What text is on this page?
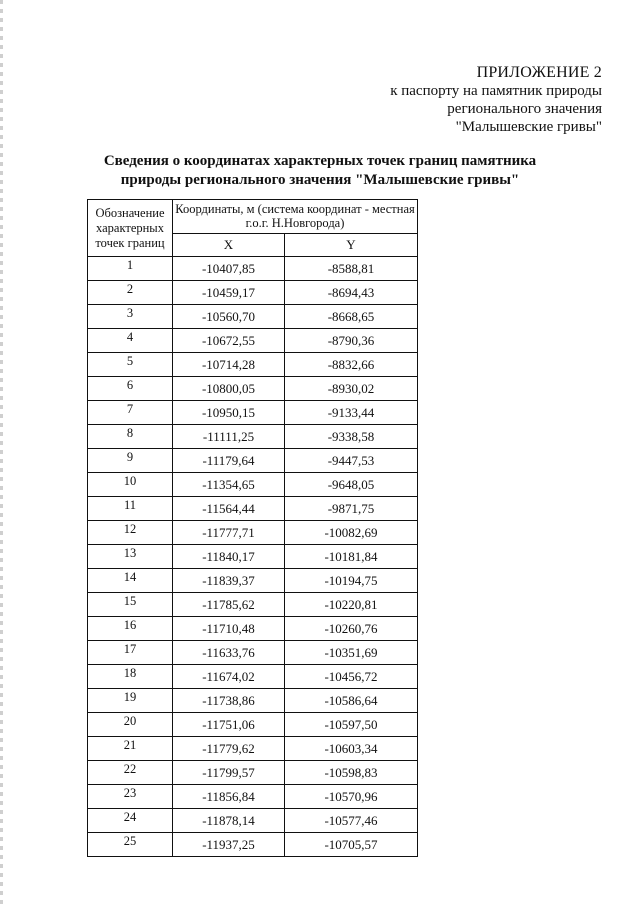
ПРИЛОЖЕНИЕ 2
к паспорту на памятник природы
регионального значения
"Малышевские гривы"
Сведения о координатах характерных точек границ памятника
природы регионального значения "Малышевские гривы"
Обозначение характерных точек границ	Координаты, м (система координат - местная г.о.г. Н.Новгорода)	
	X	Y
1	-10407,85	-8588,81
2	-10459,17	-8694,43
3	-10560,70	-8668,65
4	-10672,55	-8790,36
5	-10714,28	-8832,66
6	-10800,05	-8930,02
7	-10950,15	-9133,44
8	-11111,25	-9338,58
9	-11179,64	-9447,53
10	-11354,65	-9648,05
11	-11564,44	-9871,75
12	-11777,71	-10082,69
13	-11840,17	-10181,84
14	-11839,37	-10194,75
15	-11785,62	-10220,81
16	-11710,48	-10260,76
17	-11633,76	-10351,69
18	-11674,02	-10456,72
19	-11738,86	-10586,64
20	-11751,06	-10597,50
21	-11779,62	-10603,34
22	-11799,57	-10598,83
23	-11856,84	-10570,96
24	-11878,14	-10577,46
25	-11937,25	-10705,57
